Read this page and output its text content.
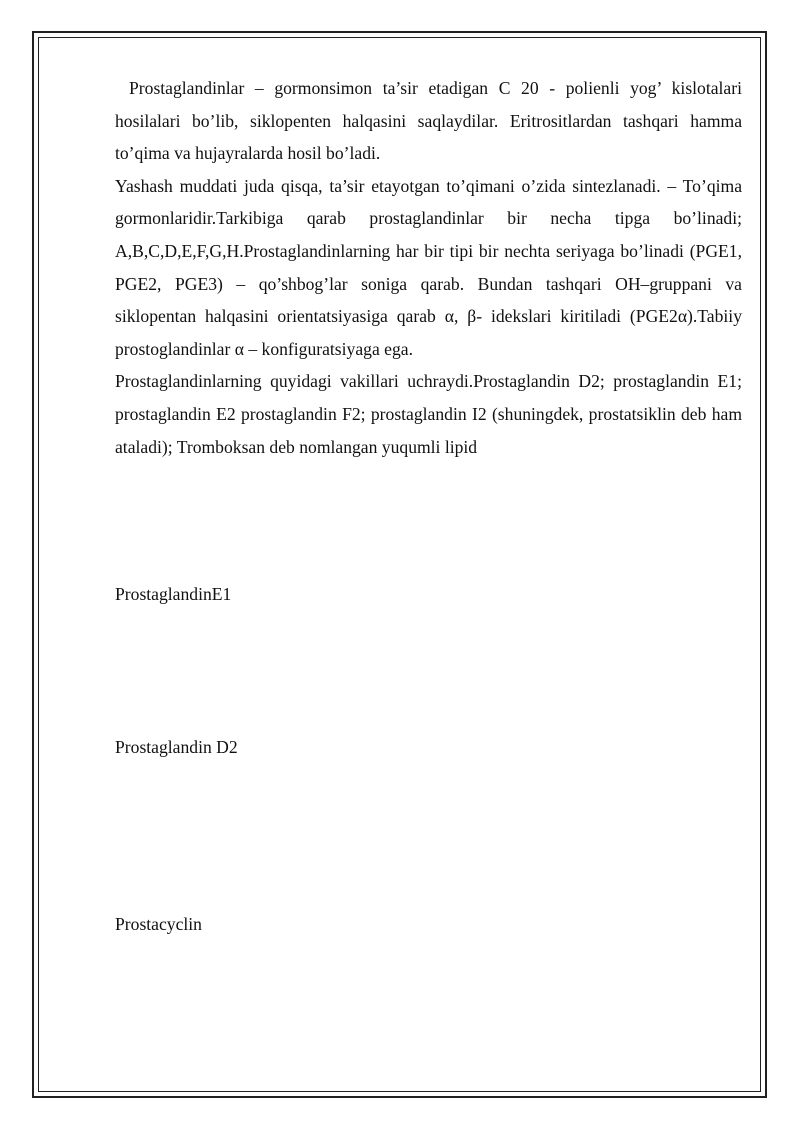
Prostaglandinlar – gormonsimon ta’sir etadigan C 20 - polienli yog’ kislotalari hosilalari bo’lib, siklopenten halqasini saqlaydilar. Eritrositlardan tashqari hamma to’qima va hujayralarda hosil bo’ladi.

Yashash muddati juda qisqa, ta’sir etayotgan to’qimani o’zida sintezlanadi. – To’qima gormonlaridir.Tarkibiga qarab prostaglandinlar bir necha tipga bo’linadi; A,B,C,D,E,F,G,H.Prostaglandinlarning har bir tipi bir nechta seriyaga bo’linadi (PGE1, PGE2, PGE3) – qo’shbog’lar soniga qarab. Bundan tashqari OH–gruppani va siklopentan halqasini orientatsiyasiga qarab α, β- idekslari kiritiladi (PGE2α).Tabiiy prostoglandinlar α – konfiguratsiyaga ega.

Prostaglandinlarning quyidagi vakillari uchraydi.Prostaglandin D2; prostaglandin E1; prostaglandin E2 prostaglandin F2; prostaglandin I2 (shuningdek, prostatsiklin deb ham ataladi); Tromboksan deb nomlangan yuqumli lipid

ProstaglandinE1

Prostaglandin D2

Prostacyclin
